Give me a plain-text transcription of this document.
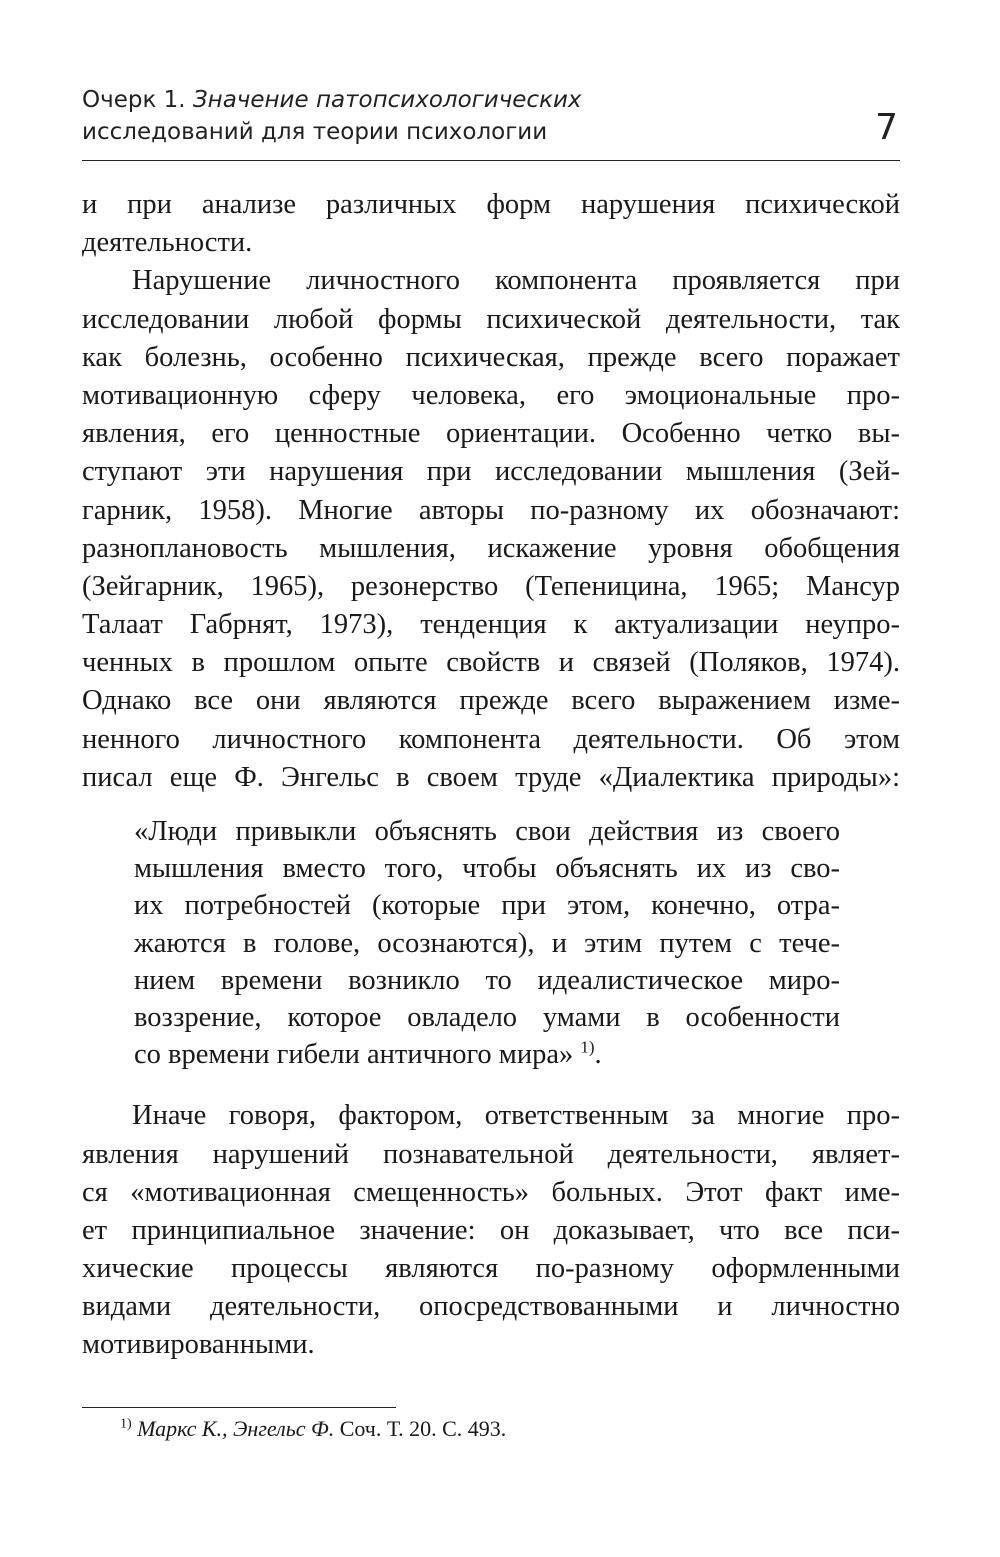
Очерк 1. Значение патопсихологических
исследований для теории психологии	7
и при анализе различных форм нарушения психической
деятельности.
Нарушение личностного компонента проявляется при
исследовании любой формы психической деятельности, так
как болезнь, особенно психическая, прежде всего поражает
мотивационную сферу человека, его эмоциональные про-
явления, его ценностные ориентации. Особенно четко вы-
ступают эти нарушения при исследовании мышления (Зей-
гарник, 1958). Многие авторы по-разному их обозначают:
разноплановость мышления, искажение уровня обобщения
(Зейгарник, 1965), резонерство (Тепеницина, 1965; Мансур
Талаат Габрнят, 1973), тенденция к актуализации неупро-
ченных в прошлом опыте свойств и связей (Поляков, 1974).
Однако все они являются прежде всего выражением изме-
ненного личностного компонента деятельности. Об этом
писал еще Ф. Энгельс в своем труде «Диалектика природы»:
«Люди привыкли объяснять свои действия из своего
мышления вместо того, чтобы объяснять их из сво-
их потребностей (которые при этом, конечно, отра-
жаются в голове, осознаются), и этим путем с тече-
нием времени возникло то идеалистическое миро-
воззрение, которое овладело умами в особенности
со времени гибели античного мира» $^{1)}$.
Иначе говоря, фактором, ответственным за многие про-
явления нарушений познавательной деятельности, являет-
ся «мотивационная смещенность» больных. Этот факт име-
ет принципиальное значение: он доказывает, что все пси-
хические процессы являются по-разному оформленными
видами деятельности, опосредствованными и личностно
мотивированными.
$^{1)}$ Маркс К., Энгельс Ф. Соч. Т. 20. С. 493.
